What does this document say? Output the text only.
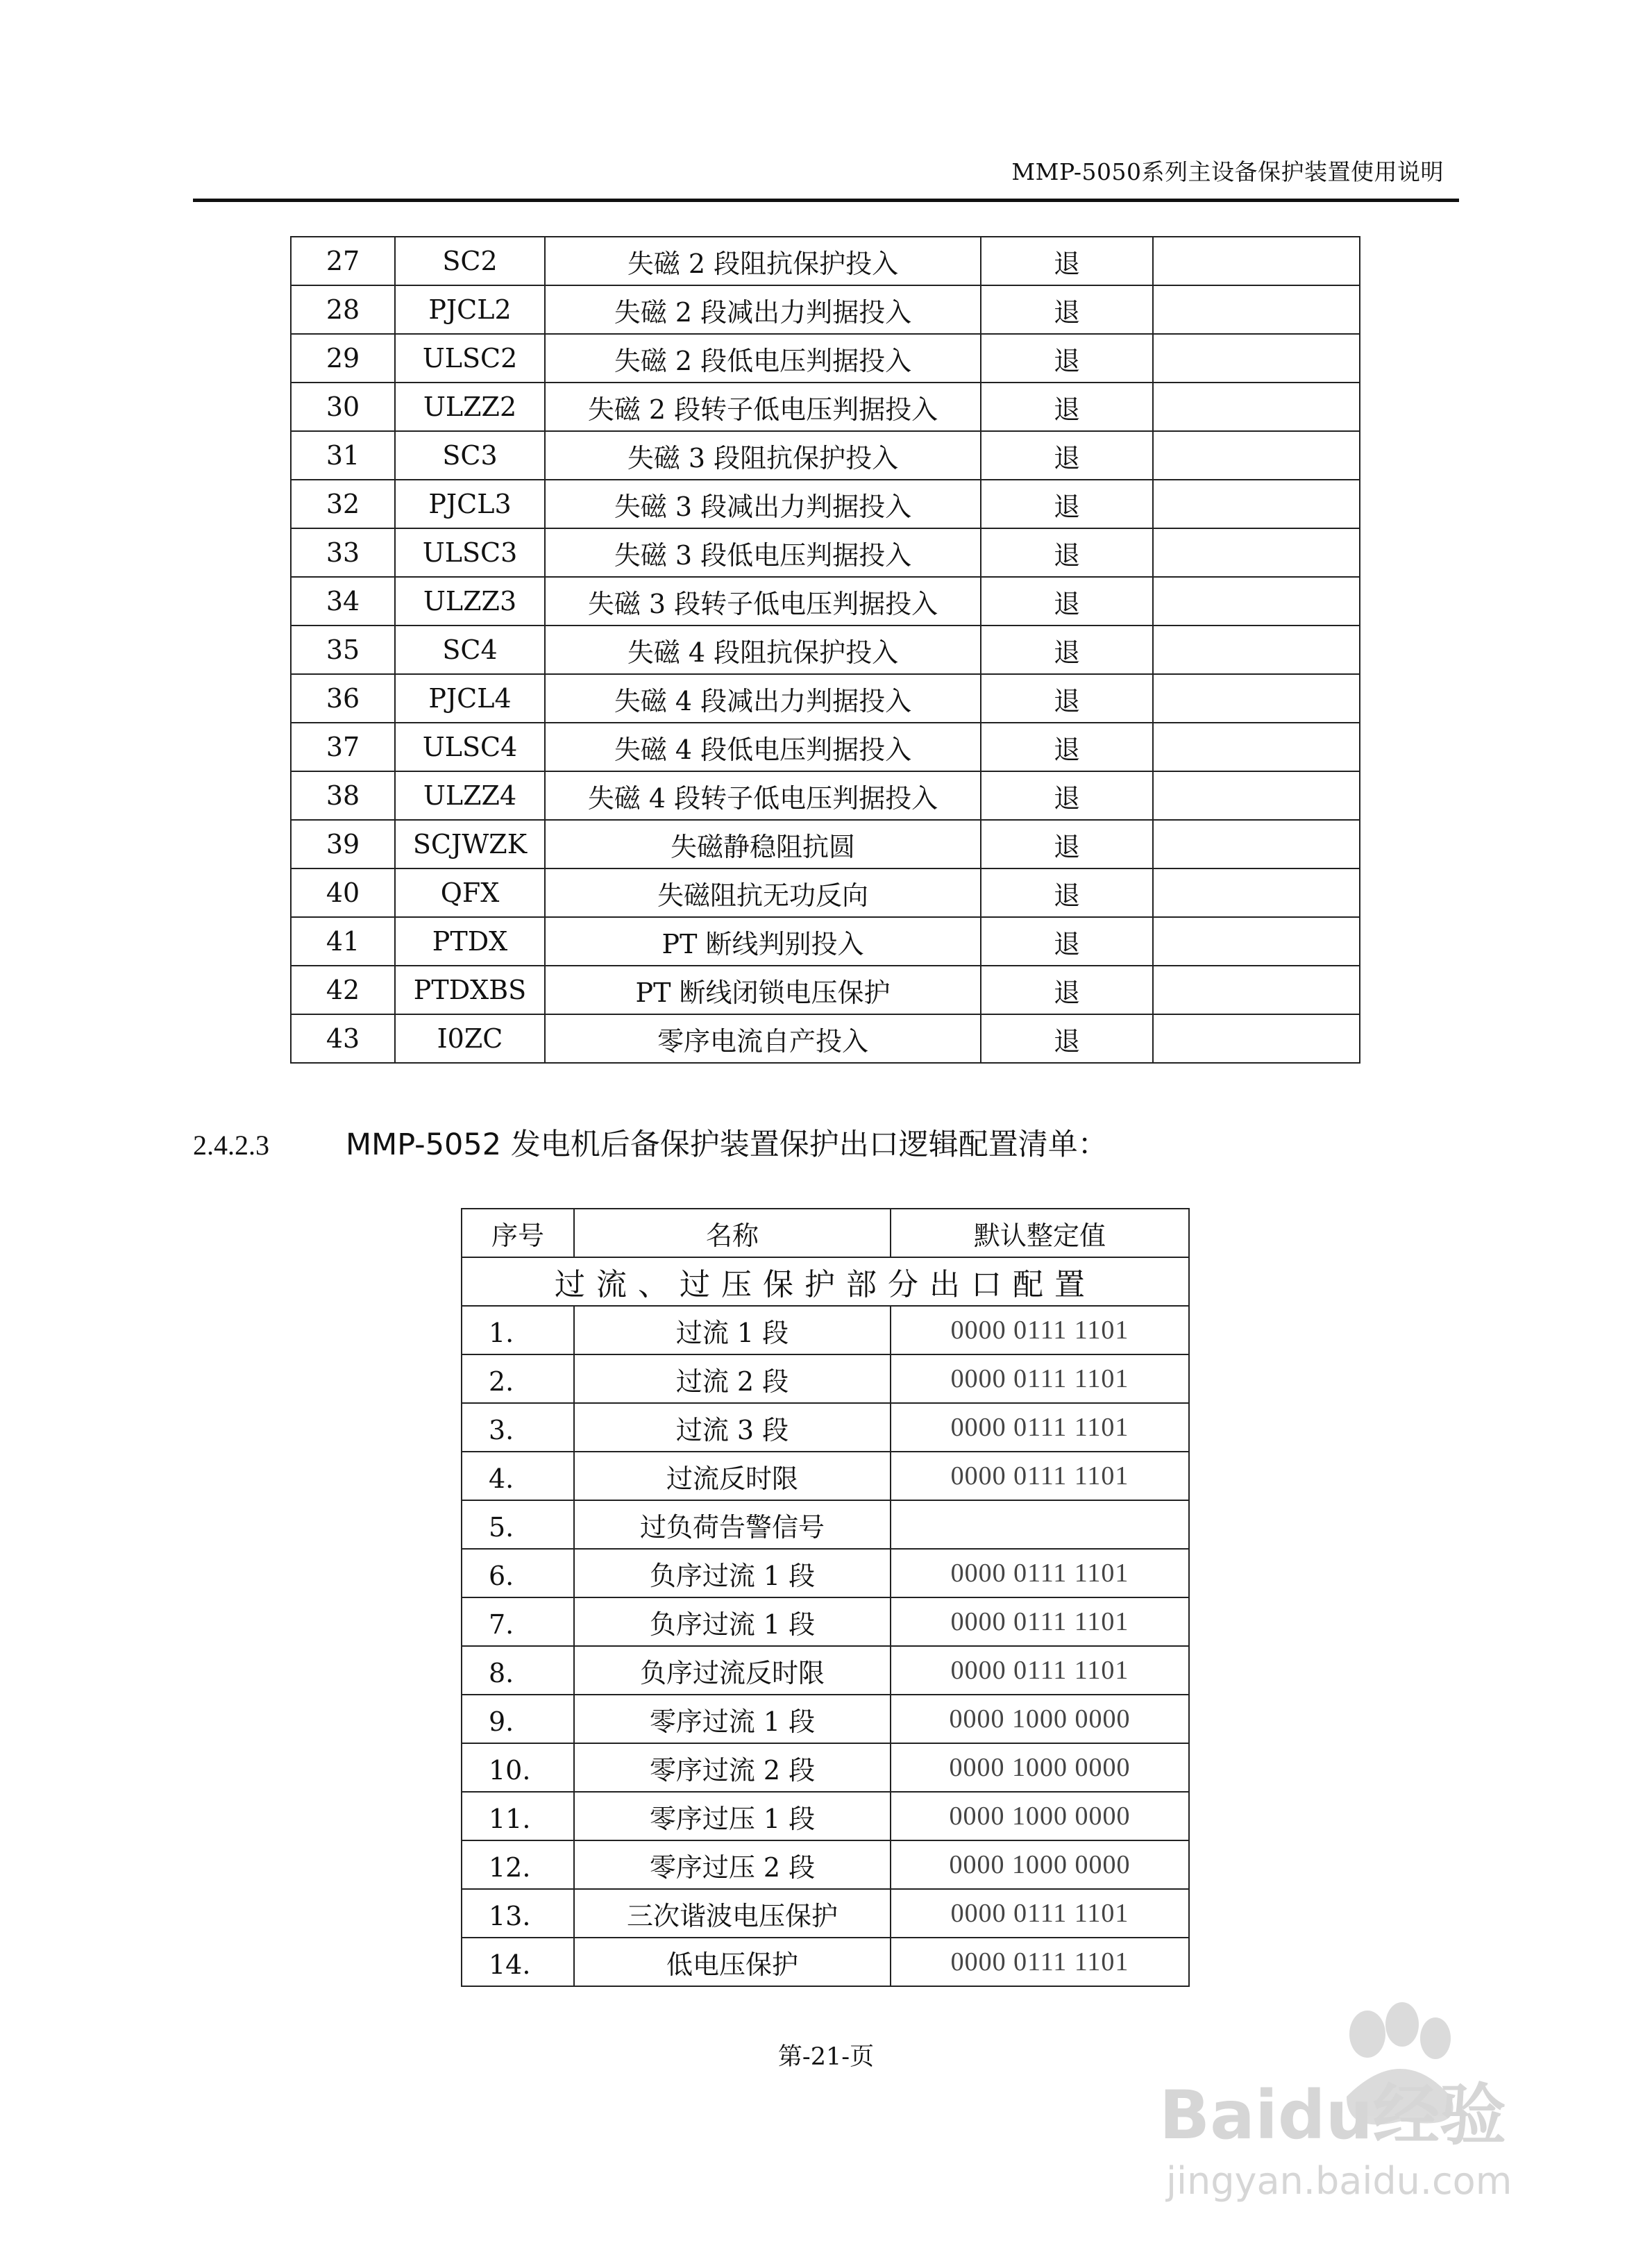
MMP-5050系列主设备保护装置使用说明
27	SC2	失磁 2 段阻抗保护投入	退	
28	PJCL2	失磁 2 段减出力判据投入	退	
29	ULSC2	失磁 2 段低电压判据投入	退	
30	ULZZ2	失磁 2 段转子低电压判据投入	退	
31	SC3	失磁 3 段阻抗保护投入	退	
32	PJCL3	失磁 3 段减出力判据投入	退	
33	ULSC3	失磁 3 段低电压判据投入	退	
34	ULZZ3	失磁 3 段转子低电压判据投入	退	
35	SC4	失磁 4 段阻抗保护投入	退	
36	PJCL4	失磁 4 段减出力判据投入	退	
37	ULSC4	失磁 4 段低电压判据投入	退	
38	ULZZ4	失磁 4 段转子低电压判据投入	退	
39	SCJWZK	失磁静稳阻抗圆	退	
40	QFX	失磁阻抗无功反向	退	
41	PTDX	PT 断线判别投入	退	
42	PTDXBS	PT 断线闭锁电压保护	退	
43	I0ZC	零序电流自产投入	退	
2.4.2.3	MMP-5052 发电机后备保护装置保护出口逻辑配置清单：
序号	名称	默认整定值
过流、过压保护部分出口配置		
1.	过流 1 段	0000 0111 1101
2.	过流 2 段	0000 0111 1101
3.	过流 3 段	0000 0111 1101
4.	过流反时限	0000 0111 1101
5.	过负荷告警信号	
6.	负序过流 1 段	0000 0111 1101
7.	负序过流 1 段	0000 0111 1101
8.	负序过流反时限	0000 0111 1101
9.	零序过流 1 段	0000 1000 0000
10.	零序过流 2 段	0000 1000 0000
11.	零序过压 1 段	0000 1000 0000
12.	零序过压 2 段	0000 1000 0000
13.	三次谐波电压保护	0000 0111 1101
14.	低电压保护	0000 0111 1101
第-21-页
Baidu经验
jingyan.baidu.com
